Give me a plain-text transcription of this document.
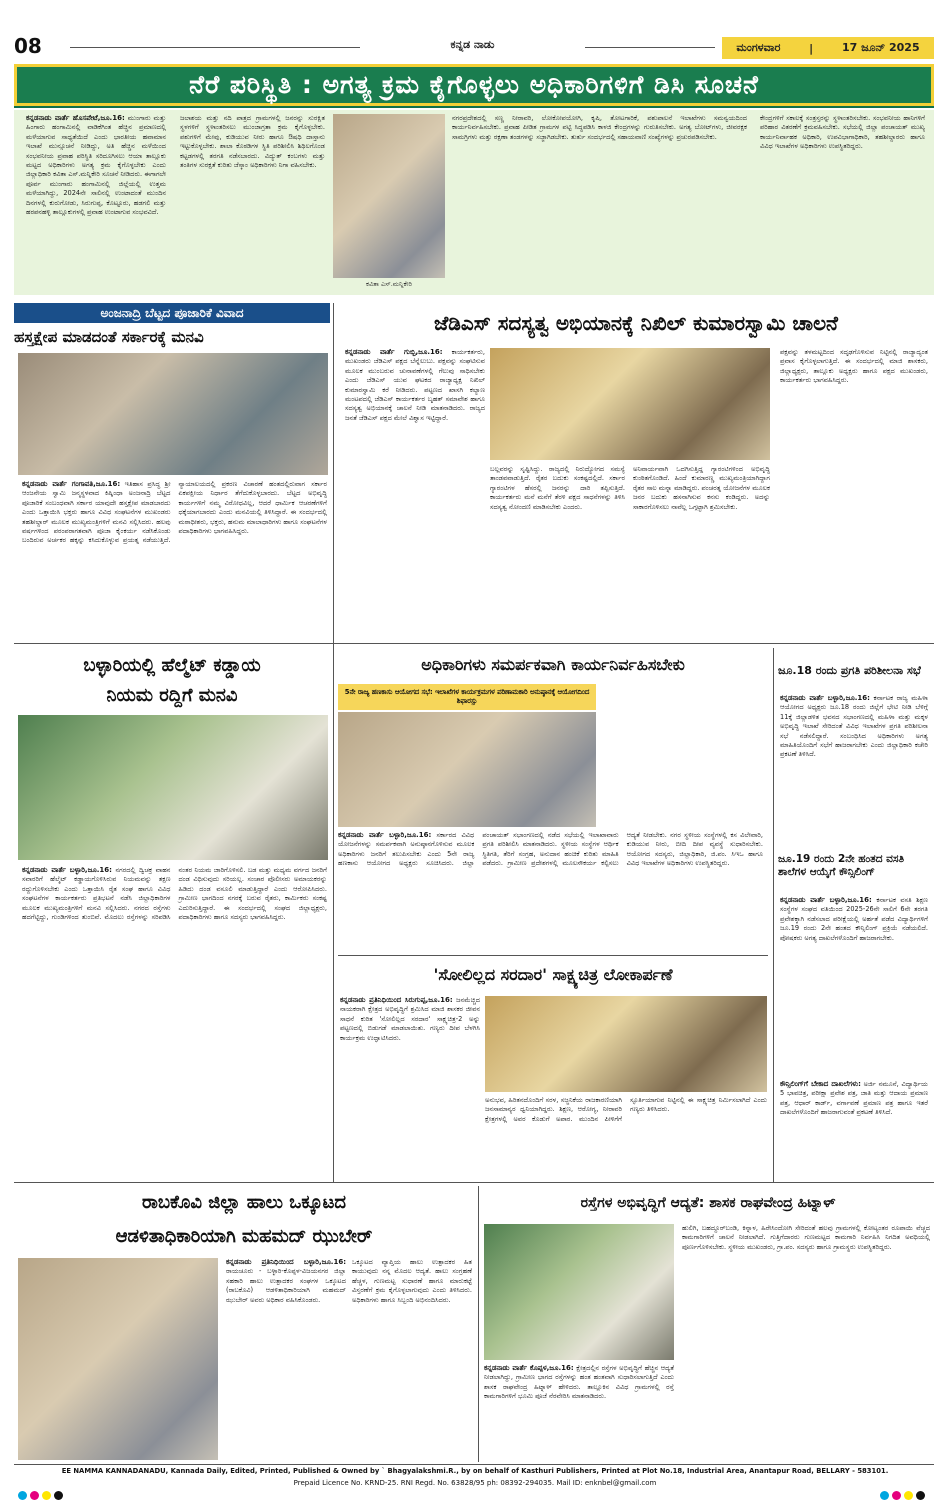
08	ಕನ್ನಡ ನಾಡು	ಮಂಗಳವಾರ	|	17 ಜೂನ್ 2025
ನೆರೆ ಪರಿಸ್ಥಿತಿ : ಅಗತ್ಯ ಕ್ರಮ ಕೈಗೊಳ್ಳಲು ಅಧಿಕಾರಿಗಳಿಗೆ ಡಿಸಿ ಸೂಚನೆ
ಕನ್ನಡನಾಡು ವಾರ್ತೆ ಹೊಸಪೇಟೆ,ಜೂ.16: ಮುಂಗಾರು ಮತ್ತು ಹಿಂಗಾರು ಹಂಗಾಮಿನಲ್ಲಿ ವಾಡಿಕೆಗಿಂತ ಹೆಚ್ಚಿನ ಪ್ರಮಾಣದಲ್ಲಿ ಮಳೆಯಾಗುವ ಸಾಧ್ಯತೆಯಿದೆ ಎಂದು ಭಾರತೀಯ ಹವಾಮಾನ ಇಲಾಖೆ ಮುನ್ಸೂಚನೆ ನೀಡಿದ್ದು, ಅತಿ ಹೆಚ್ಚಿನ ಮಳೆಯಿಂದ ಸಂಭವನೀಯ ಪ್ರವಾಹ ಪರಿಸ್ಥಿತಿ ಸರಿದೂಗಿಸಲು ಆಯಾ ತಾಲ್ಲೂಕು ಮಟ್ಟದ ಅಧಿಕಾರಿಗಳು ಅಗತ್ಯ ಕ್ರಮ ಕೈಗೊಳ್ಳಬೇಕು ಎಂದು ಜಿಲ್ಲಾಧಿಕಾರಿ ಕವಿತಾ ಎಸ್.ಮನ್ನಿಕೇರಿ ಸೂಚನೆ ನೀಡಿದರು. ಈಗಾಗಲೇ ಪೂರ್ವ ಮುಂಗಾರು ಹಂಗಾಮಿನಲ್ಲಿ ಜಿಲ್ಲೆಯಲ್ಲಿ ಉತ್ತಮ ಮಳೆಯಾಗಿದ್ದು, 2024ನೇ ಸಾಲಿನಲ್ಲಿ ಉಂಟಾದಂತೆ ಮುಂದಿನ ದಿನಗಳಲ್ಲಿ ಕುರುಗೋಡು, ಸಿರುಗುಪ್ಪ, ಕೊಟ್ಟೂರು, ಹಡಗಲಿ ಮತ್ತು ಹರಪನಹಳ್ಳಿ ತಾಲ್ಲೂಕುಗಳಲ್ಲಿ ಪ್ರವಾಹ ಉಂಟಾಗುವ ಸಂಭವವಿದೆ.
ಜಲಾಶಯ ಮತ್ತು ನದಿ ಪಾತ್ರದ ಗ್ರಾಮಗಳಲ್ಲಿ ಜನರನ್ನು ಸುರಕ್ಷಿತ ಸ್ಥಳಗಳಿಗೆ ಸ್ಥಳಾಂತರಿಸಲು ಮುಂಜಾಗ್ರತಾ ಕ್ರಮ ಕೈಗೊಳ್ಳಬೇಕು. ಪಶುಗಳಿಗೆ ಮೇವು, ಕುಡಿಯುವ ನೀರು ಹಾಗೂ ಔಷಧಿ ದಾಸ್ತಾನು ಇಟ್ಟುಕೊಳ್ಳಬೇಕು. ಶಾಲಾ ಕೊಠಡಿಗಳ ಸ್ಥಿತಿ ಪರಿಶೀಲಿಸಿ ಶಿಥಿಲಗೊಂಡ ಕಟ್ಟಡಗಳಲ್ಲಿ ತರಗತಿ ನಡೆಸಬಾರದು. ವಿದ್ಯುತ್ ಕಂಬಗಳು ಮತ್ತು ತಂತಿಗಳ ಸುರಕ್ಷತೆ ಕುರಿತು ಜೆಸ್ಕಾಂ ಅಧಿಕಾರಿಗಳು ನಿಗಾ ವಹಿಸಬೇಕು.
ಕವಿತಾ ಎಸ್.ಮನ್ನಿಕೇರಿ
ನಗರಪ್ರದೇಶದಲ್ಲಿ ಸಣ್ಣ ನೀರಾವರಿ, ಲೋಕೋಪಯೋಗಿ, ಕೃಷಿ, ತೋಟಗಾರಿಕೆ, ಪಶುಪಾಲನೆ ಇಲಾಖೆಗಳು ಸಮನ್ವಯದಿಂದ ಕಾರ್ಯನಿರ್ವಹಿಸಬೇಕು. ಪ್ರವಾಹ ಪೀಡಿತ ಗ್ರಾಮಗಳ ಪಟ್ಟಿ ಸಿದ್ಧಪಡಿಸಿ ಕಾಳಜಿ ಕೇಂದ್ರಗಳನ್ನು ಗುರುತಿಸಬೇಕು. ಅಗತ್ಯ ಬೋಟ್‌ಗಳು, ಜೀವರಕ್ಷಕ ಸಾಮಗ್ರಿಗಳು ಮತ್ತು ರಕ್ಷಣಾ ತಂಡಗಳನ್ನು ಸಜ್ಜಾಗಿಡಬೇಕು. ತುರ್ತು ಸಂದರ್ಭದಲ್ಲಿ ಸಹಾಯವಾಣಿ ಸಂಖ್ಯೆಗಳನ್ನು ಪ್ರಚುರಪಡಿಸಬೇಕು.
ಕೇಂದ್ರಗಳಿಗೆ ಸಕಾಲಕ್ಕೆ ಸಂತ್ರಸ್ತರನ್ನು ಸ್ಥಳಾಂತರಿಸಬೇಕು. ಸಂಭವನೀಯ ಹಾನಿಗಳಿಗೆ ಪರಿಹಾರ ವಿತರಣೆಗೆ ಕ್ರಮವಹಿಸಬೇಕು. ಸಭೆಯಲ್ಲಿ ಜಿಲ್ಲಾ ಪಂಚಾಯತ್ ಮುಖ್ಯ ಕಾರ್ಯನಿರ್ವಾಹಕ ಅಧಿಕಾರಿ, ಉಪವಿಭಾಗಾಧಿಕಾರಿ, ತಹಶೀಲ್ದಾರರು ಹಾಗೂ ವಿವಿಧ ಇಲಾಖೆಗಳ ಅಧಿಕಾರಿಗಳು ಉಪಸ್ಥಿತರಿದ್ದರು.
ಅಂಜನಾದ್ರಿ ಬೆಟ್ಟದ ಪೂಜಾರಿಕೆ ವಿವಾದ
ಹಸ್ತಕ್ಷೇಪ ಮಾಡದಂತೆ ಸರ್ಕಾರಕ್ಕೆ ಮನವಿ
ಕನ್ನಡನಾಡು ವಾರ್ತೆ ಗಂಗಾವತಿ,ಜೂ.16: ಇತಿಹಾಸ ಪ್ರಸಿದ್ಧ ಶ್ರೀ ಆಂಜನೇಯ ಸ್ವಾಮಿ ಜನ್ಮಸ್ಥಳವಾದ ಕಿಷ್ಕಿಂಧಾ ಅಂಜನಾದ್ರಿ ಬೆಟ್ಟದ ಪೂಜಾರಿಕೆ ಸಂಬಂಧವಾಗಿ ಸರ್ಕಾರ ಯಾವುದೇ ಹಸ್ತಕ್ಷೇಪ ಮಾಡಬಾರದು ಎಂದು ಒತ್ತಾಯಿಸಿ ಭಕ್ತರು ಹಾಗೂ ವಿವಿಧ ಸಂಘಟನೆಗಳ ಮುಖಂಡರು ತಹಶೀಲ್ದಾರ್ ಮೂಲಕ ಮುಖ್ಯಮಂತ್ರಿಗಳಿಗೆ ಮನವಿ ಸಲ್ಲಿಸಿದರು. ಹಲವು ವರ್ಷಗಳಿಂದ ಪರಂಪರಾಗತವಾಗಿ ಪೂಜಾ ಕೈಂಕರ್ಯ ನಡೆಸಿಕೊಂಡು ಬಂದಿರುವ ಅರ್ಚಕರ ಹಕ್ಕನ್ನು ಕಸಿದುಕೊಳ್ಳುವ ಪ್ರಯತ್ನ ನಡೆಯುತ್ತಿದೆ. ನ್ಯಾಯಾಲಯದಲ್ಲಿ ಪ್ರಕರಣ ವಿಚಾರಣೆ ಹಂತದಲ್ಲಿರುವಾಗ ಸರ್ಕಾರ ಏಕಪಕ್ಷೀಯ ನಿರ್ಧಾರ ತೆಗೆದುಕೊಳ್ಳಬಾರದು. ಬೆಟ್ಟದ ಅಭಿವೃದ್ಧಿ ಕಾರ್ಯಗಳಿಗೆ ನಮ್ಮ ವಿರೋಧವಿಲ್ಲ, ಆದರೆ ಧಾರ್ಮಿಕ ಆಚರಣೆಗಳಿಗೆ ಧಕ್ಕೆಯಾಗಬಾರದು ಎಂದು ಮನವಿಯಲ್ಲಿ ತಿಳಿಸಿದ್ದಾರೆ. ಈ ಸಂದರ್ಭದಲ್ಲಿ ಮಠಾಧೀಶರು, ಭಕ್ತರು, ಹನುಮ ಮಾಲಾಧಾರಿಗಳು ಹಾಗೂ ಸಂಘಟನೆಗಳ ಪದಾಧಿಕಾರಿಗಳು ಭಾಗವಹಿಸಿದ್ದರು.
ಜೆಡಿಎಸ್ ಸದಸ್ಯತ್ವ ಅಭಿಯಾನಕ್ಕೆ ನಿಖಿಲ್ ಕುಮಾರಸ್ವಾಮಿ ಚಾಲನೆ
ಕನ್ನಡನಾಡು ವಾರ್ತೆ ಗುಬ್ಬಿ,ಜೂ.16: ಕಾರ್ಯಕರ್ತರು, ಮುಖಂಡರು ಜೆಡಿಎಸ್ ಪಕ್ಷದ ಬೆನ್ನೆಲುಬು. ಪಕ್ಷವನ್ನು ಸಂಘಟಿಸುವ ಮೂಲಕ ಮುಂಬರುವ ಚುನಾವಣೆಗಳಲ್ಲಿ ಗೆಲುವು ಸಾಧಿಸಬೇಕು ಎಂದು ಜೆಡಿಎಸ್ ಯುವ ಘಟಕದ ರಾಜ್ಯಾಧ್ಯಕ್ಷ ನಿಖಿಲ್ ಕುಮಾರಸ್ವಾಮಿ ಕರೆ ನೀಡಿದರು. ಪಟ್ಟಣದ ಖಾಸಗಿ ಕಲ್ಯಾಣ ಮಂಟಪದಲ್ಲಿ ಜೆಡಿಎಸ್ ಕಾರ್ಯಕರ್ತರ ಬೃಹತ್ ಸಮಾವೇಶ ಹಾಗೂ ಸದಸ್ಯತ್ವ ಅಭಿಯಾನಕ್ಕೆ ಚಾಲನೆ ನೀಡಿ ಮಾತನಾಡಿದರು. ರಾಜ್ಯದ ಜನತೆ ಜೆಡಿಎಸ್ ಪಕ್ಷದ ಮೇಲೆ ವಿಶ್ವಾಸ ಇಟ್ಟಿದ್ದಾರೆ.
ಬಲ್ಲವರನ್ನು ಸೃಷ್ಟಿಸಿದ್ದು. ರಾಜ್ಯದಲ್ಲಿ ನಿರುದ್ಯೋಗದ ಸಮಸ್ಯೆ ತಾಂಡವವಾಡುತ್ತಿದೆ. ರೈತರ ಬದುಕು ಸಂಕಷ್ಟದಲ್ಲಿದೆ. ಸರ್ಕಾರ ಗ್ಯಾರಂಟಿಗಳ ಹೆಸರಲ್ಲಿ ಜನರನ್ನು ದಾರಿ ತಪ್ಪಿಸುತ್ತಿದೆ. ಕಾರ್ಯಕರ್ತರು ಮನೆ ಮನೆಗೆ ತೆರಳಿ ಪಕ್ಷದ ಸಾಧನೆಗಳನ್ನು ತಿಳಿಸಿ ಸದಸ್ಯತ್ವ ನೋಂದಣಿ ಮಾಡಿಸಬೇಕು ಎಂದರು.
ಅನಿವಾರ್ಯವಾಗಿ ಒದಗಿಸುತ್ತಿದ್ದ ಗ್ಯಾರಂಟಿಗಳಿಂದ ಅಭಿವೃದ್ಧಿ ಕುಂಠಿತಗೊಂಡಿದೆ. ಹಿಂದೆ ಕುಮಾರಣ್ಣ ಮುಖ್ಯಮಂತ್ರಿಯಾಗಿದ್ದಾಗ ರೈತರ ಸಾಲ ಮನ್ನಾ ಮಾಡಿದ್ದರು. ಪಂಚರತ್ನ ಯೋಜನೆಗಳ ಮೂಲಕ ಜನರ ಬದುಕು ಹಸನಾಗಿಸುವ ಕನಸು ಕಂಡಿದ್ದರು. ಅದನ್ನು ಸಾಕಾರಗೊಳಿಸಲು ನಾವೆಲ್ಲ ಒಗ್ಗಟ್ಟಾಗಿ ಶ್ರಮಿಸಬೇಕು.
ಪಕ್ಷವನ್ನು ತಳಮಟ್ಟದಿಂದ ಸದೃಢಗೊಳಿಸುವ ನಿಟ್ಟಿನಲ್ಲಿ ರಾಜ್ಯಾದ್ಯಂತ ಪ್ರವಾಸ ಕೈಗೊಳ್ಳಲಾಗುತ್ತಿದೆ. ಈ ಸಂದರ್ಭದಲ್ಲಿ ಮಾಜಿ ಶಾಸಕರು, ಜಿಲ್ಲಾಧ್ಯಕ್ಷರು, ತಾಲ್ಲೂಕು ಅಧ್ಯಕ್ಷರು ಹಾಗೂ ಪಕ್ಷದ ಮುಖಂಡರು, ಕಾರ್ಯಕರ್ತರು ಭಾಗವಹಿಸಿದ್ದರು.
ಬಳ್ಳಾರಿಯಲ್ಲಿ ಹೆಲ್ಮೆಟ್ ಕಡ್ಡಾಯ
ನಿಯಮ ರದ್ದಿಗೆ ಮನವಿ
ಕನ್ನಡನಾಡು ವಾರ್ತೆ ಬಳ್ಳಾರಿ,ಜೂ.16: ನಗರದಲ್ಲಿ ದ್ವಿಚಕ್ರ ವಾಹನ ಸವಾರರಿಗೆ ಹೆಲ್ಮೆಟ್ ಕಡ್ಡಾಯಗೊಳಿಸಿರುವ ನಿಯಮವನ್ನು ತಕ್ಷಣ ರದ್ದುಗೊಳಿಸಬೇಕು ಎಂದು ಒತ್ತಾಯಿಸಿ ರೈತ ಸಂಘ ಹಾಗೂ ವಿವಿಧ ಸಂಘಟನೆಗಳ ಕಾರ್ಯಕರ್ತರು ಪ್ರತಿಭಟನೆ ನಡೆಸಿ ಜಿಲ್ಲಾಧಿಕಾರಿಗಳ ಮೂಲಕ ಮುಖ್ಯಮಂತ್ರಿಗಳಿಗೆ ಮನವಿ ಸಲ್ಲಿಸಿದರು. ನಗರದ ರಸ್ತೆಗಳು ಹದಗೆಟ್ಟಿದ್ದು, ಗುಂಡಿಗಳಿಂದ ತುಂಬಿವೆ. ಮೊದಲು ರಸ್ತೆಗಳನ್ನು ಸರಿಪಡಿಸಿ ನಂತರ ನಿಯಮ ಜಾರಿಗೊಳಿಸಲಿ. ಬಡ ಮತ್ತು ಮಧ್ಯಮ ವರ್ಗದ ಜನರಿಗೆ ದಂಡ ವಿಧಿಸುವುದು ಸರಿಯಲ್ಲ. ಸಂಚಾರ ಪೊಲೀಸರು ಅಮಾಯಕರನ್ನು ಹಿಡಿದು ದಂಡ ವಸೂಲಿ ಮಾಡುತ್ತಿದ್ದಾರೆ ಎಂದು ಆರೋಪಿಸಿದರು. ಗ್ರಾಮೀಣ ಭಾಗದಿಂದ ನಗರಕ್ಕೆ ಬರುವ ರೈತರು, ಕಾರ್ಮಿಕರು ಸಂಕಷ್ಟ ಎದುರಿಸುತ್ತಿದ್ದಾರೆ. ಈ ಸಂದರ್ಭದಲ್ಲಿ ಸಂಘದ ಜಿಲ್ಲಾಧ್ಯಕ್ಷರು, ಪದಾಧಿಕಾರಿಗಳು ಹಾಗೂ ಸದಸ್ಯರು ಭಾಗವಹಿಸಿದ್ದರು.
ಅಧಿಕಾರಿಗಳು ಸಮರ್ಪಕವಾಗಿ ಕಾರ್ಯನಿರ್ವಹಿಸಬೇಕು
5ನೇ ರಾಜ್ಯ ಹಣಕಾಸು ಆಯೋಗದ ಸಭೆ: ಇಲಾಖೆಗಳ ಕಾರ್ಯಕ್ರಮಗಳ ಪರಿಣಾಮಕಾರಿ ಅನುಷ್ಠಾನಕ್ಕೆ ಆಯೋಗದಿಂದ ಶಿಫಾರಸ್ಸು
ಕನ್ನಡನಾಡು ವಾರ್ತೆ ಬಳ್ಳಾರಿ,ಜೂ.16: ಸರ್ಕಾರದ ವಿವಿಧ ಯೋಜನೆಗಳನ್ನು ಸಮರ್ಪಕವಾಗಿ ಅನುಷ್ಠಾನಗೊಳಿಸುವ ಮೂಲಕ ಅಧಿಕಾರಿಗಳು ಜನರಿಗೆ ತಲುಪಿಸಬೇಕು ಎಂದು 5ನೇ ರಾಜ್ಯ ಹಣಕಾಸು ಆಯೋಗದ ಅಧ್ಯಕ್ಷರು ಸೂಚಿಸಿದರು. ಜಿಲ್ಲಾ ಪಂಚಾಯತ್ ಸಭಾಂಗಣದಲ್ಲಿ ನಡೆದ ಸಭೆಯಲ್ಲಿ ಇಲಾಖಾವಾರು ಪ್ರಗತಿ ಪರಿಶೀಲಿಸಿ ಮಾತನಾಡಿದರು. ಸ್ಥಳೀಯ ಸಂಸ್ಥೆಗಳ ಆರ್ಥಿಕ ಸ್ಥಿತಿಗತಿ, ತೆರಿಗೆ ಸಂಗ್ರಹ, ಅನುದಾನ ಹಂಚಿಕೆ ಕುರಿತು ಮಾಹಿತಿ ಪಡೆದರು. ಗ್ರಾಮೀಣ ಪ್ರದೇಶಗಳಲ್ಲಿ ಮೂಲಸೌಕರ್ಯ ಕಲ್ಪಿಸಲು ಆದ್ಯತೆ ನೀಡಬೇಕು. ನಗರ ಸ್ಥಳೀಯ ಸಂಸ್ಥೆಗಳಲ್ಲಿ ಕಸ ವಿಲೇವಾರಿ, ಕುಡಿಯುವ ನೀರು, ಬೀದಿ ದೀಪ ವ್ಯವಸ್ಥೆ ಸುಧಾರಿಸಬೇಕು. ಆಯೋಗದ ಸದಸ್ಯರು, ಜಿಲ್ಲಾಧಿಕಾರಿ, ಜಿ.ಪಂ. ಸಿಇಒ ಹಾಗೂ ವಿವಿಧ ಇಲಾಖೆಗಳ ಅಧಿಕಾರಿಗಳು ಉಪಸ್ಥಿತರಿದ್ದರು.
ಜೂ.18 ರಂದು ಪ್ರಗತಿ ಪರಿಶೀಲನಾ ಸಭೆ
ಕನ್ನಡನಾಡು ವಾರ್ತೆ ಬಳ್ಳಾರಿ,ಜೂ.16: ಕರ್ನಾಟಕ ರಾಜ್ಯ ಮಹಿಳಾ ಆಯೋಗದ ಅಧ್ಯಕ್ಷರು ಜೂ.18 ರಂದು ಜಿಲ್ಲೆಗೆ ಭೇಟಿ ನೀಡಿ ಬೆಳಿಗ್ಗೆ 11ಕ್ಕೆ ಜಿಲ್ಲಾಡಳಿತ ಭವನದ ಸಭಾಂಗಣದಲ್ಲಿ ಮಹಿಳಾ ಮತ್ತು ಮಕ್ಕಳ ಅಭಿವೃದ್ಧಿ ಇಲಾಖೆ ಸೇರಿದಂತೆ ವಿವಿಧ ಇಲಾಖೆಗಳ ಪ್ರಗತಿ ಪರಿಶೀಲನಾ ಸಭೆ ನಡೆಸಲಿದ್ದಾರೆ. ಸಂಬಂಧಿಸಿದ ಅಧಿಕಾರಿಗಳು ಅಗತ್ಯ ಮಾಹಿತಿಯೊಂದಿಗೆ ಸಭೆಗೆ ಹಾಜರಾಗಬೇಕು ಎಂದು ಜಿಲ್ಲಾಧಿಕಾರಿ ಕಚೇರಿ ಪ್ರಕಟಣೆ ತಿಳಿಸಿದೆ.
ಜೂ.19 ರಂದು 2ನೇ ಹಂತದ ವಸತಿ ಶಾಲೆಗಳ ಆಯ್ಕೆಗೆ ಕೌನ್ಸಿಲಿಂಗ್
ಕನ್ನಡನಾಡು ವಾರ್ತೆ ಬಳ್ಳಾರಿ,ಜೂ.16: ಕರ್ನಾಟಕ ವಸತಿ ಶಿಕ್ಷಣ ಸಂಸ್ಥೆಗಳ ಸಂಘದ ವತಿಯಿಂದ 2025-26ನೇ ಸಾಲಿಗೆ 6ನೇ ತರಗತಿ ಪ್ರವೇಶಕ್ಕಾಗಿ ನಡೆಸಲಾದ ಪರೀಕ್ಷೆಯಲ್ಲಿ ಅರ್ಹತೆ ಪಡೆದ ವಿದ್ಯಾರ್ಥಿಗಳಿಗೆ ಜೂ.19 ರಂದು 2ನೇ ಹಂತದ ಕೌನ್ಸಿಲಿಂಗ್ ಪ್ರಕ್ರಿಯೆ ನಡೆಯಲಿದೆ. ಪೋಷಕರು ಅಗತ್ಯ ದಾಖಲೆಗಳೊಂದಿಗೆ ಹಾಜರಾಗಬೇಕು.
ಕೌನ್ಸಿಲಿಂಗ್‌ಗೆ ಬೇಕಾದ ದಾಖಲೆಗಳು: ಅರ್ಜಿ ನಮೂನೆ, ವಿದ್ಯಾರ್ಥಿಯ 5 ಭಾವಚಿತ್ರ, ಪರೀಕ್ಷಾ ಪ್ರವೇಶ ಪತ್ರ, ಜಾತಿ ಮತ್ತು ಆದಾಯ ಪ್ರಮಾಣ ಪತ್ರ, ಆಧಾರ್ ಕಾರ್ಡ್, ವರ್ಗಾವಣೆ ಪ್ರಮಾಣ ಪತ್ರ ಹಾಗೂ ಇತರೆ ದಾಖಲೆಗಳೊಂದಿಗೆ ಹಾಜರಾಗುವಂತೆ ಪ್ರಕಟಣೆ ತಿಳಿಸಿದೆ.
'ಸೋಲಿಲ್ಲದ ಸರದಾರ' ಸಾಕ್ಷ್ಯಚಿತ್ರ ಲೋಕಾರ್ಪಣೆ
ಕನ್ನಡನಾಡು ಪ್ರತಿನಿಧಿಯಿಂದ ಸಿರುಗುಪ್ಪ,ಜೂ.16: ಜನಮೆಚ್ಚಿದ ನಾಯಕರಾಗಿ ಕ್ಷೇತ್ರದ ಅಭಿವೃದ್ಧಿಗೆ ಶ್ರಮಿಸಿದ ಮಾಜಿ ಶಾಸಕರ ಜೀವನ ಸಾಧನೆ ಕುರಿತ 'ಸೋಲಿಲ್ಲದ ಸರದಾರ' ಸಾಕ್ಷ್ಯಚಿತ್ರ-2 ಅನ್ನು ಪಟ್ಟಣದಲ್ಲಿ ಬಿಡುಗಡೆ ಮಾಡಲಾಯಿತು. ಗಣ್ಯರು ದೀಪ ಬೆಳಗಿಸಿ ಕಾರ್ಯಕ್ರಮ ಉದ್ಘಾಟಿಸಿದರು.
ಅನುಭವ, ಹಿರಿತನದೊಂದಿಗೆ ಸರಳ, ಸಜ್ಜನಿಕೆಯ ರಾಜಕಾರಣಿಯಾಗಿ ಜನಸಾಮಾನ್ಯರ ಧ್ವನಿಯಾಗಿದ್ದರು. ಶಿಕ್ಷಣ, ಆರೋಗ್ಯ, ನೀರಾವರಿ ಕ್ಷೇತ್ರಗಳಲ್ಲಿ ಅವರ ಕೊಡುಗೆ ಅಪಾರ. ಮುಂದಿನ ಪೀಳಿಗೆಗೆ ಸ್ಫೂರ್ತಿಯಾಗುವ ನಿಟ್ಟಿನಲ್ಲಿ ಈ ಸಾಕ್ಷ್ಯಚಿತ್ರ ನಿರ್ಮಿಸಲಾಗಿದೆ ಎಂದು ಗಣ್ಯರು ತಿಳಿಸಿದರು.
ರಾಬಕೊವಿ ಜಿಲ್ಲಾ ಹಾಲು ಒಕ್ಕೂಟದ
ಆಡಳಿತಾಧಿಕಾರಿಯಾಗಿ ಮಹಮದ್ ಝುಬೇರ್
ಕನ್ನಡನಾಡು ಪ್ರತಿನಿಧಿಯಿಂದ ಬಳ್ಳಾರಿ,ಜೂ.16: ರಾಯಚೂರು - ಬಳ್ಳಾರಿ-ಕೊಪ್ಪಳ-ವಿಜಯನಗರ ಜಿಲ್ಲಾ ಸಹಕಾರಿ ಹಾಲು ಉತ್ಪಾದಕರ ಸಂಘಗಳ ಒಕ್ಕೂಟದ (ರಾಬಕೊವಿ) ಆಡಳಿತಾಧಿಕಾರಿಯಾಗಿ ಮಹಮದ್ ಝುಬೇರ್ ಅವರು ಅಧಿಕಾರ ವಹಿಸಿಕೊಂಡರು.
ಒಕ್ಕೂಟದ ವ್ಯಾಪ್ತಿಯ ಹಾಲು ಉತ್ಪಾದಕರ ಹಿತ ಕಾಯುವುದು ನನ್ನ ಮೊದಲ ಆದ್ಯತೆ. ಹಾಲು ಸಂಗ್ರಹಣೆ ಹೆಚ್ಚಳ, ಗುಣಮಟ್ಟ ಸುಧಾರಣೆ ಹಾಗೂ ಮಾರುಕಟ್ಟೆ ವಿಸ್ತರಣೆಗೆ ಕ್ರಮ ಕೈಗೊಳ್ಳಲಾಗುವುದು ಎಂದು ತಿಳಿಸಿದರು. ಅಧಿಕಾರಿಗಳು ಹಾಗೂ ಸಿಬ್ಬಂದಿ ಅಭಿನಂದಿಸಿದರು.
ರಸ್ತೆಗಳ ಅಭಿವೃದ್ಧಿಗೆ ಆದ್ಯತೆ: ಶಾಸಕ ರಾಘವೇಂದ್ರ ಹಿಟ್ನಾಳ್
ಕನ್ನಡನಾಡು ವಾರ್ತೆ ಕೊಪ್ಪಳ,ಜೂ.16: ಕ್ಷೇತ್ರದಲ್ಲಿನ ರಸ್ತೆಗಳ ಅಭಿವೃದ್ಧಿಗೆ ಹೆಚ್ಚಿನ ಆದ್ಯತೆ ನೀಡಲಾಗಿದ್ದು, ಗ್ರಾಮೀಣ ಭಾಗದ ರಸ್ತೆಗಳನ್ನು ಹಂತ ಹಂತವಾಗಿ ಸುಧಾರಿಸಲಾಗುತ್ತಿದೆ ಎಂದು ಶಾಸಕ ರಾಘವೇಂದ್ರ ಹಿಟ್ನಾಳ್ ಹೇಳಿದರು. ತಾಲ್ಲೂಕಿನ ವಿವಿಧ ಗ್ರಾಮಗಳಲ್ಲಿ ರಸ್ತೆ ಕಾಮಗಾರಿಗಳಿಗೆ ಭೂಮಿ ಪೂಜೆ ನೆರವೇರಿಸಿ ಮಾತನಾಡಿದರು.
ಹುಲಿಗಿ, ಬಹದ್ದೂರ್‌ಬಂಡಿ, ಕಿನ್ನಾಳ, ಹಿರೇಸಿಂದೋಗಿ ಸೇರಿದಂತೆ ಹಲವು ಗ್ರಾಮಗಳಲ್ಲಿ ಕೋಟ್ಯಂತರ ರೂಪಾಯಿ ವೆಚ್ಚದ ಕಾಮಗಾರಿಗಳಿಗೆ ಚಾಲನೆ ನೀಡಲಾಗಿದೆ. ಗುತ್ತಿಗೆದಾರರು ಗುಣಮಟ್ಟದ ಕಾಮಗಾರಿ ನಿರ್ವಹಿಸಿ ನಿಗದಿತ ಅವಧಿಯಲ್ಲಿ ಪೂರ್ಣಗೊಳಿಸಬೇಕು. ಸ್ಥಳೀಯ ಮುಖಂಡರು, ಗ್ರಾ.ಪಂ. ಸದಸ್ಯರು ಹಾಗೂ ಗ್ರಾಮಸ್ಥರು ಉಪಸ್ಥಿತರಿದ್ದರು.
EE NAMMA KANNADANADU, Kannada Daily, Edited, Printed, Published & Owned by ` Bhagyalakshmi.R., by on behalf of Kasthuri Publishers, Printed at Plot No.18, Industrial Area, Anantapur Road, BELLARY - 583101.
Prepaid Licence No. KRND-25. RNI Regd. No. 63828/95 ph: 08392-294035. Mail ID: enknbel@gmail.com
